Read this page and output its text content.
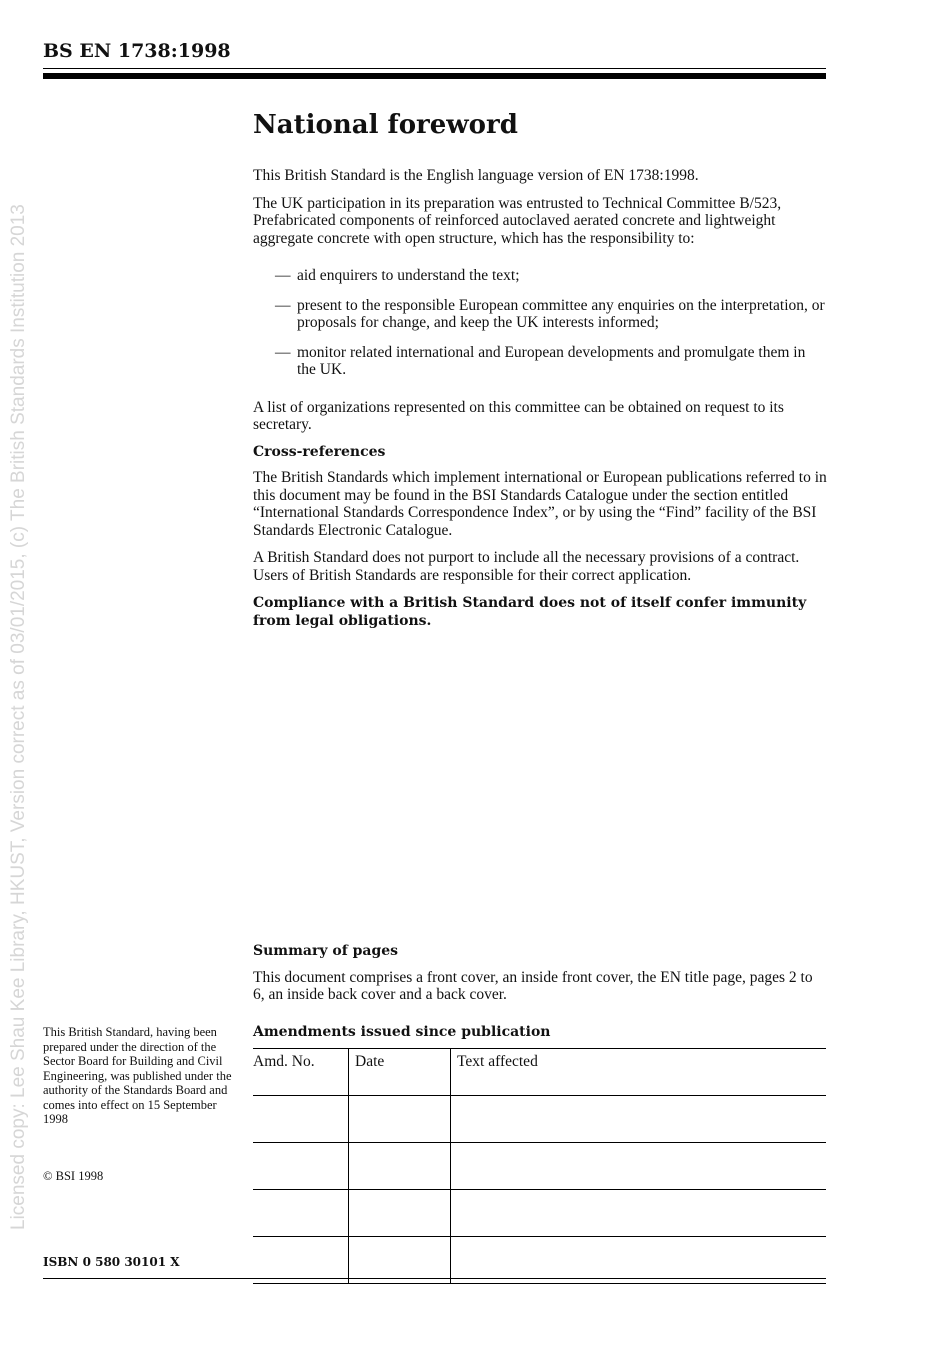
BS EN 1738:1998
Licensed copy: Lee Shau Kee Library, HKUST, Version correct as of 03/01/2015, (c) The British Standards Institution 2013
National foreword

This British Standard is the English language version of EN 1738:1998.

The UK participation in its preparation was entrusted to Technical Committee B/523, Prefabricated components of reinforced autoclaved aerated concrete and lightweight aggregate concrete with open structure, which has the responsibility to:

— aid enquirers to understand the text;
— present to the responsible European committee any enquiries on the interpretation, or proposals for change, and keep the UK interests informed;
— monitor related international and European developments and promulgate them in the UK.

A list of organizations represented on this committee can be obtained on request to its secretary.

Cross-references

The British Standards which implement international or European publications referred to in this document may be found in the BSI Standards Catalogue under the section entitled “International Standards Correspondence Index”, or by using the “Find” facility of the BSI Standards Electronic Catalogue.

A British Standard does not purport to include all the necessary provisions of a contract. Users of British Standards are responsible for their correct application.

Compliance with a British Standard does not of itself confer immunity from legal obligations.

Summary of pages

This document comprises a front cover, an inside front cover, the EN title page, pages 2 to 6, an inside back cover and a back cover.

Amendments issued since publication
Amd. No.	Date	Text affected

This British Standard, having been prepared under the direction of the Sector Board for Building and Civil Engineering, was published under the authority of the Standards Board and comes into effect on 15 September 1998
© BSI 1998
ISBN 0 580 30101 X
